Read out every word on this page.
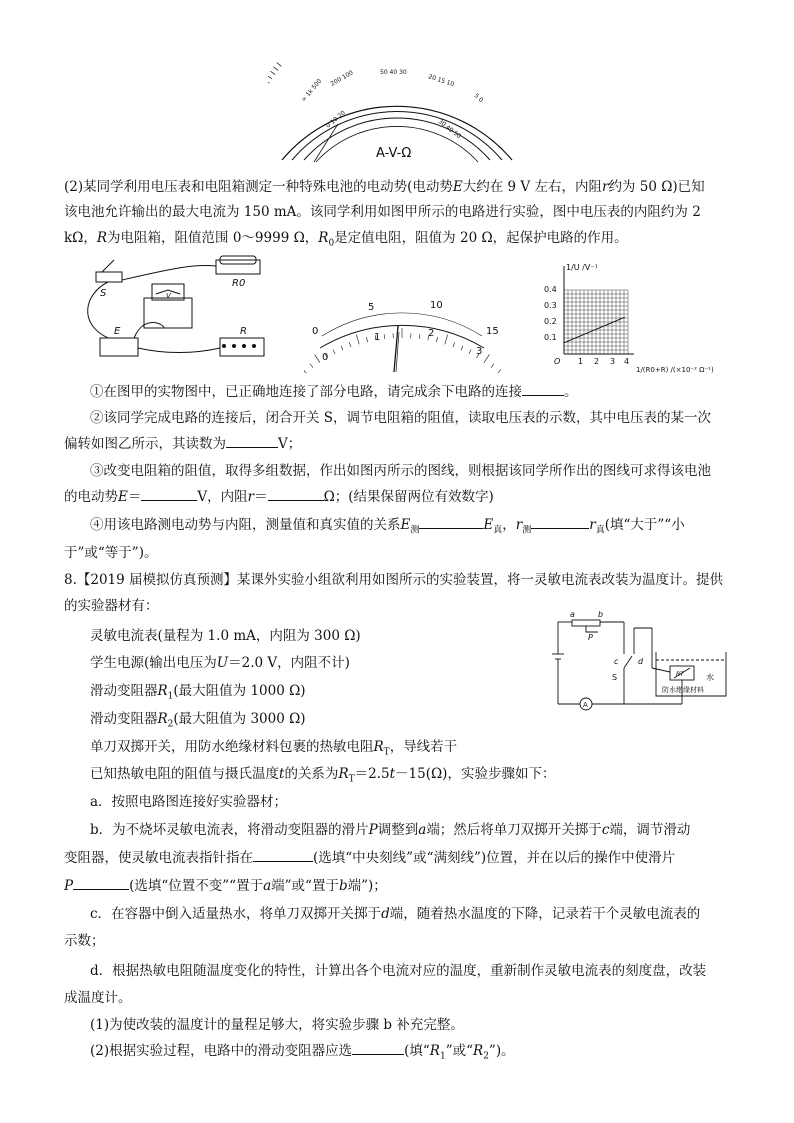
∞ 1k 500 200 100	50 40 30
20 15 10
5 0
0 10 20	30 40 50
A-V-Ω
(2)某同学利用电压表和电阻箱测定一种特殊电池的电动势(电动势E大约在 9 V 左右，内阻r约为 50 Ω)已知
该电池允许输出的最大电流为 150 mA。该同学利用如图甲所示的电路进行实验，图中电压表的内阻约为 2
kΩ，R为电阻箱，阻值范围 0～9999 Ω，$R_0$是定值电阻，阻值为 20 Ω，起保护电路的作用。
S
R0
E	R
V
5	10
15
0
0
1	2
3
1/U /V⁻¹
0.4
0.3
0.2
0.1
O 1 2 3 4
1/(R0+R) /(×10⁻² Ω⁻¹)
①在图甲的实物图中，已正确地连接了部分电路，请完成余下电路的连接	。
②该同学完成电路的连接后，闭合开关 S，调节电阻箱的阻值，读取电压表的示数，其中电压表的某一次
偏转如图乙所示，其读数为	V；
③改变电阻箱的阻值，取得多组数据，作出如图丙所示的图线，则根据该同学所作出的图线可求得该电池
的电动势E＝	V，内阻r＝	Ω；(结果保留两位有效数字)
④用该电路测电动势与内阻，测量值和真实值的关系$E_测$	$E_真$，$r_测$	$r_真$(填“大于”“小
于”或“等于”)。
8.【2019 届模拟仿真预测】某课外实验小组欲利用如图所示的实验装置，将一灵敏电流表改装为温度计。提供
的实验器材有：
灵敏电流表(量程为 1.0 mA，内阻为 300 Ω)
学生电源(输出电压为U＝2.0 V，内阻不计)
滑动变阻器$R_1$(最大阻值为 1000 Ω)
滑动变阻器$R_2$(最大阻值为 3000 Ω)
单刀双掷开关，用防水绝缘材料包裹的热敏电阻$R_T$，导线若干
已知热敏电阻的阻值与摄氏温度t的关系为$R_T=2.5t-15(\Omega)$，实验步骤如下：
a．按照电路图连接好实验器材；
b．为不烧坏灵敏电流表，将滑动变阻器的滑片P调整到a端；然后将单刀双掷开关掷于c端，调节滑动
变阻器，使灵敏电流表指针指在	(选填“中央刻线”或“满刻线”)位置，并在以后的操作中使滑片
P	(选填“位置不变”“置于a端”或“置于b端”)；
c．在容器中倒入适量热水，将单刀双掷开关掷于d端，随着热水温度的下降，记录若干个灵敏电流表的
示数；
d．根据热敏电阻随温度变化的特性，计算出各个电流对应的温度，重新制作灵敏电流表的刻度盘，改装
成温度计。
(1)为使改装的温度计的量程足够大，将实验步骤 b 补充完整。
(2)根据实验过程，电路中的滑动变阻器应选	(填“$R_1$”或“$R_2$”)。
a	b
P
c d
S
A
RT	水
防水绝缘材料
